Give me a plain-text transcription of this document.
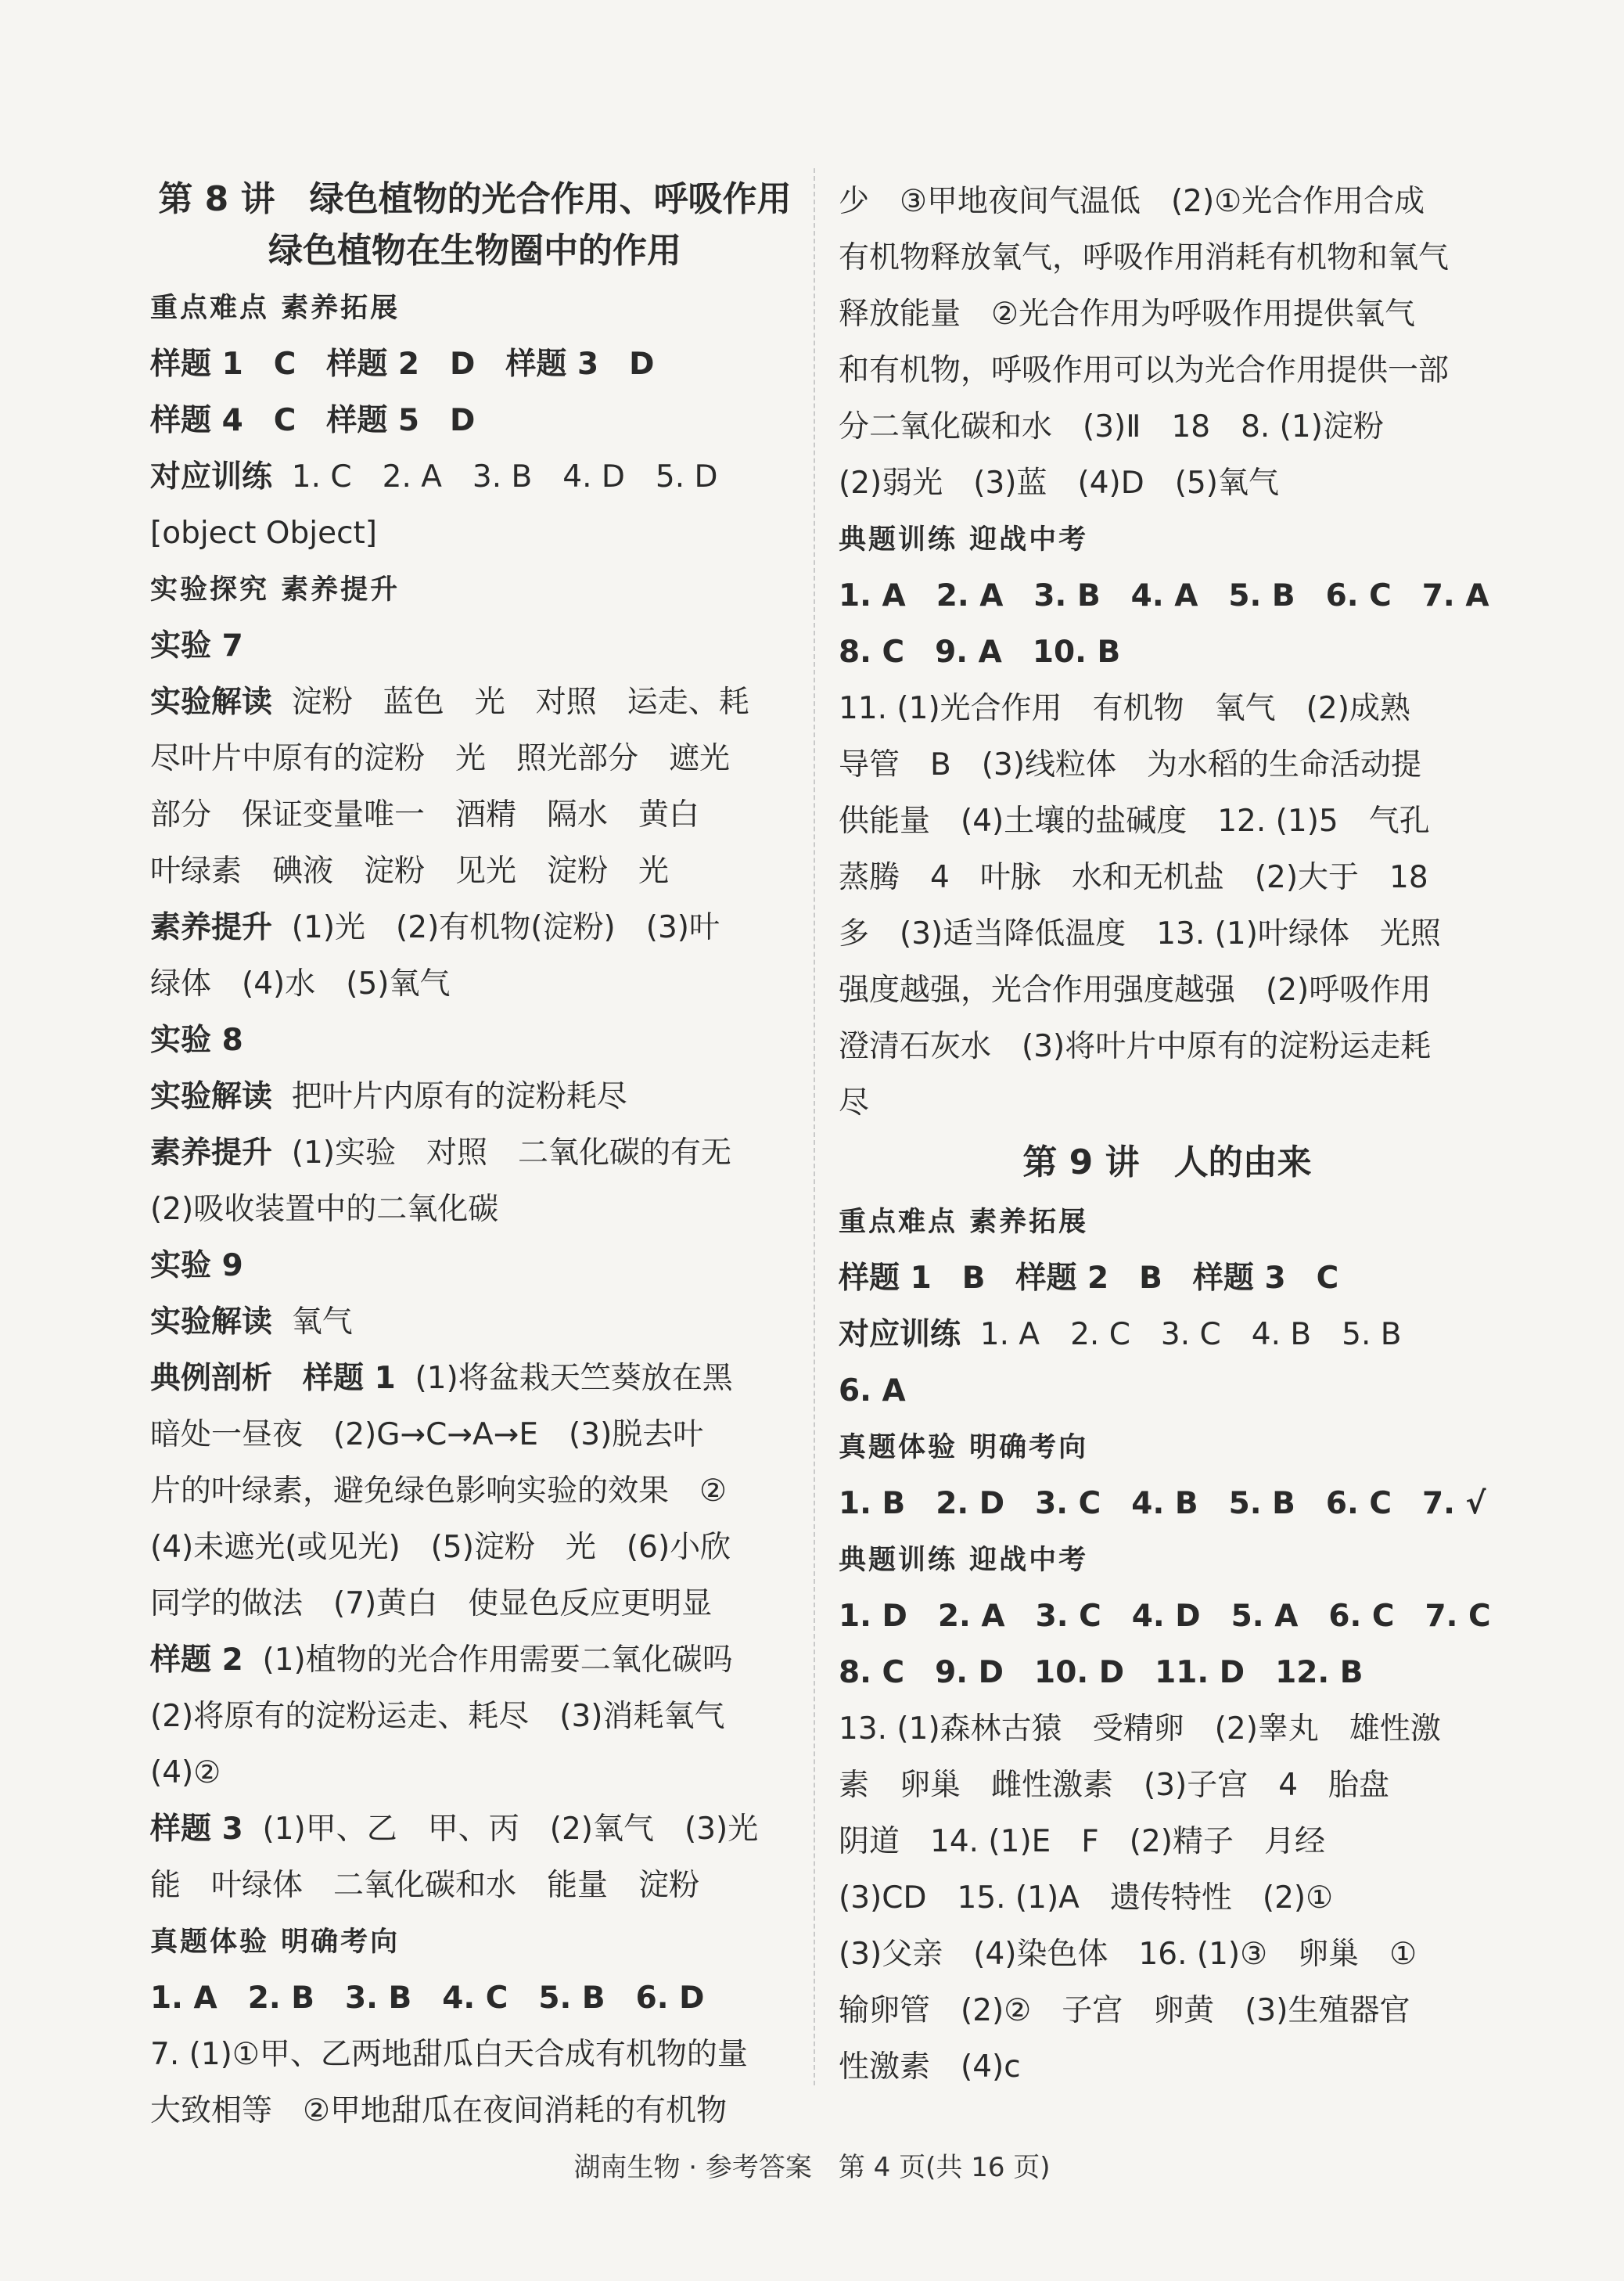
第 8 讲　绿色植物的光合作用、呼吸作用

绿色植物在生物圈中的作用

重点难点 素养拓展

样题 1　C　样题 2　D　样题 3　D

样题 4　C　样题 5　D

对应训练  1. C　2. A　3. B　4. D　5. D

[object Object]

实验探究 素养提升

实验 7

实验解读  淀粉　蓝色　光　对照　运走、耗

尽叶片中原有的淀粉　光　照光部分　遮光

部分　保证变量唯一　酒精　隔水　黄白

叶绿素　碘液　淀粉　见光　淀粉　光

素养提升  (1)光　(2)有机物(淀粉)　(3)叶

绿体　(4)水　(5)氧气

实验 8

实验解读  把叶片内原有的淀粉耗尽

素养提升  (1)实验　对照　二氧化碳的有无

(2)吸收装置中的二氧化碳

实验 9

实验解读  氧气

典例剖析　样题 1  (1)将盆栽天竺葵放在黑

暗处一昼夜　(2)G→C→A→E　(3)脱去叶

片的叶绿素，避免绿色影响实验的效果　②

(4)未遮光(或见光)　(5)淀粉　光　(6)小欣

同学的做法　(7)黄白　使显色反应更明显

样题 2  (1)植物的光合作用需要二氧化碳吗

(2)将原有的淀粉运走、耗尽　(3)消耗氧气

(4)②

样题 3  (1)甲、乙　甲、丙　(2)氧气　(3)光

能　叶绿体　二氧化碳和水　能量　淀粉

真题体验 明确考向

1. A　2. B　3. B　4. C　5. B　6. D

7. (1)①甲、乙两地甜瓜白天合成有机物的量

大致相等　②甲地甜瓜在夜间消耗的有机物

少　③甲地夜间气温低　(2)①光合作用合成

有机物释放氧气，呼吸作用消耗有机物和氧气

释放能量　②光合作用为呼吸作用提供氧气

和有机物，呼吸作用可以为光合作用提供一部

分二氧化碳和水　(3)Ⅱ　18　8. (1)淀粉

(2)弱光　(3)蓝　(4)D　(5)氧气

典题训练 迎战中考

1. A　2. A　3. B　4. A　5. B　6. C　7. A

8. C　9. A　10. B

11. (1)光合作用　有机物　氧气　(2)成熟

导管　B　(3)线粒体　为水稻的生命活动提

供能量　(4)土壤的盐碱度　12. (1)5　气孔

蒸腾　4　叶脉　水和无机盐　(2)大于　18

多　(3)适当降低温度　13. (1)叶绿体　光照

强度越强，光合作用强度越强　(2)呼吸作用

澄清石灰水　(3)将叶片中原有的淀粉运走耗

尽

第 9 讲　人的由来

重点难点 素养拓展

样题 1　B　样题 2　B　样题 3　C

对应训练  1. A　2. C　3. C　4. B　5. B

6. A

真题体验 明确考向

1. B　2. D　3. C　4. B　5. B　6. C　7. √

典题训练 迎战中考

1. D　2. A　3. C　4. D　5. A　6. C　7. C

8. C　9. D　10. D　11. D　12. B

13. (1)森林古猿　受精卵　(2)睾丸　雄性激

素　卵巢　雌性激素　(3)子宫　4　胎盘

阴道　14. (1)E　F　(2)精子　月经

(3)CD　15. (1)A　遗传特性　(2)①

(3)父亲　(4)染色体　16. (1)③　卵巢　①

输卵管　(2)②　子宫　卵黄　(3)生殖器官

性激素　(4)c

湖南生物 · 参考答案　第 4 页(共 16 页)
